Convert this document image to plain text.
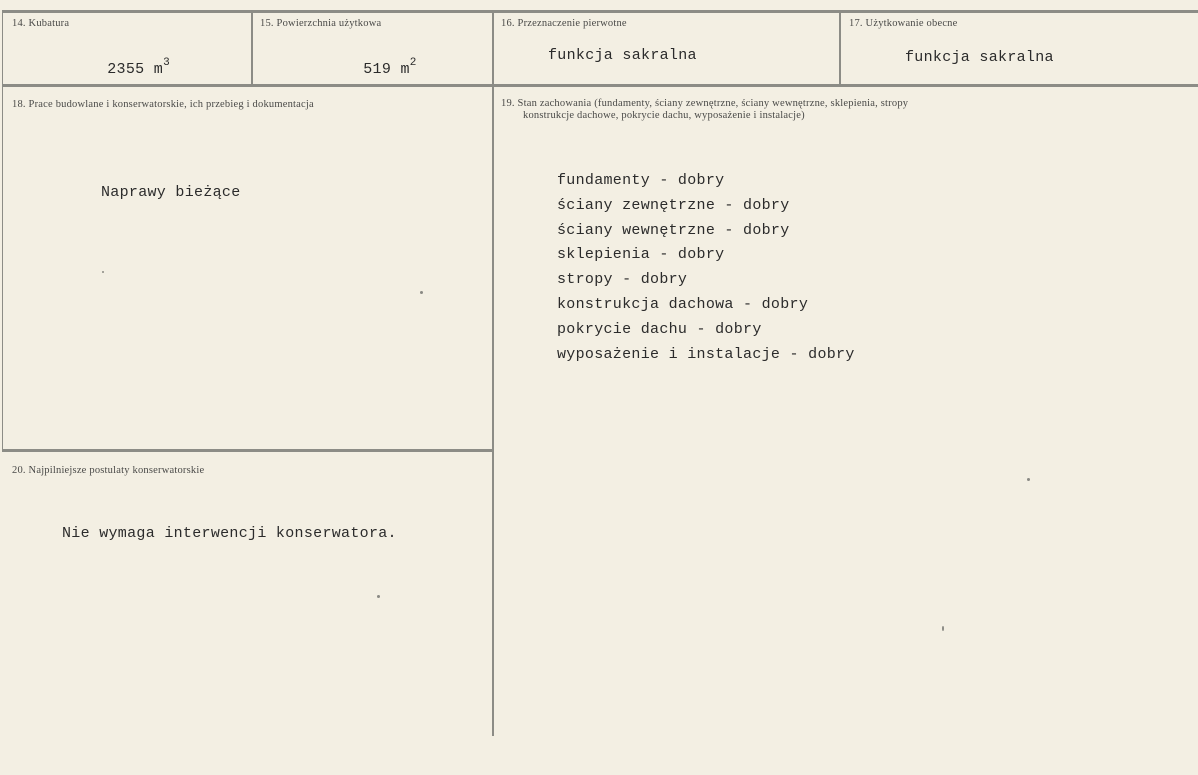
14. Kubatura

2355 $m^3$

15. Powierzchnia użytkowa

519 $m^2$

16. Przeznaczenie pierwotne
funkcja sakralna
17. Użytkowanie obecne
funkcja sakralna
18. Prace budowlane i konserwatorskie, ich przebieg i dokumentacja
Naprawy bieżące
19. Stan zachowania (fundamenty, ściany zewnętrzne, ściany wewnętrzne, sklepienia, stropy
konstrukcje dachowe, pokrycie dachu, wyposażenie i instalacje)
fundamenty - dobry
ściany zewnętrzne - dobry
ściany wewnętrzne - dobry
sklepienia - dobry
stropy - dobry
konstrukcja dachowa - dobry
pokrycie dachu - dobry
wyposażenie i instalacje - dobry
20. Najpilniejsze postulaty konserwatorskie
Nie wymaga interwencji konserwatora.
